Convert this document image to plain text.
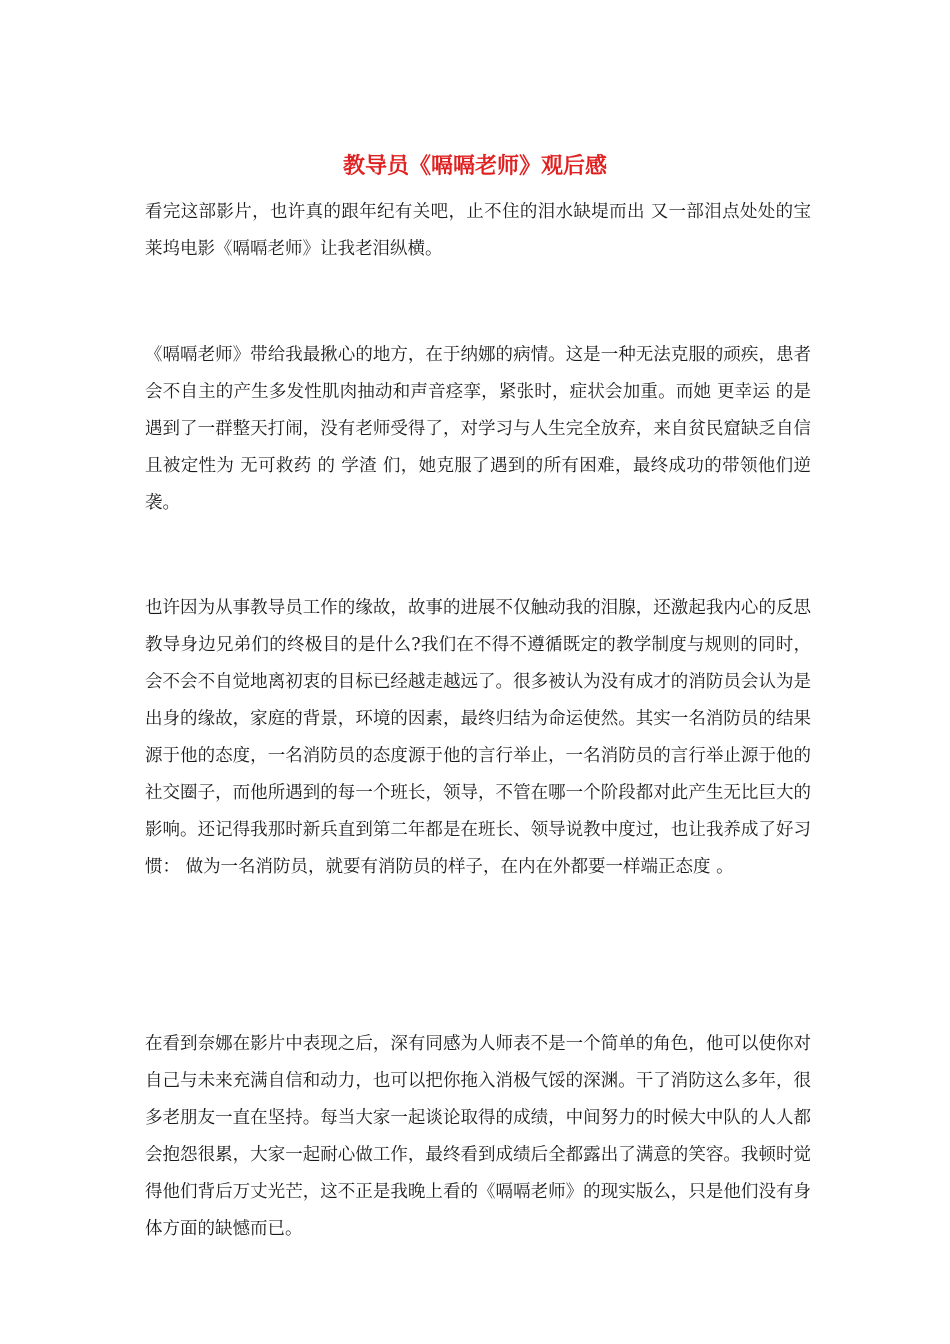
教导员《嗝嗝老师》观后感

看完这部影片，也许真的跟年纪有关吧，止不住的泪水缺堤而出 又一部泪点处处的宝莱坞电影《嗝嗝老师》让我老泪纵横。

《嗝嗝老师》带给我最揪心的地方，在于纳娜的病情。这是一种无法克服的顽疾，患者会不自主的产生多发性肌肉抽动和声音痉挛，紧张时，症状会加重。而她 更幸运 的是遇到了一群整天打闹，没有老师受得了，对学习与人生完全放弃，来自贫民窟缺乏自信且被定性为 无可救药 的 学渣 们，她克服了遇到的所有困难，最终成功的带领他们逆袭。

也许因为从事教导员工作的缘故，故事的进展不仅触动我的泪腺，还激起我内心的反思 教导身边兄弟们的终极目的是什么?我们在不得不遵循既定的教学制度与规则的同时，会不会不自觉地离初衷的目标已经越走越远了。很多被认为没有成才的消防员会认为是出身的缘故，家庭的背景，环境的因素，最终归结为命运使然。其实一名消防员的结果源于他的态度，一名消防员的态度源于他的言行举止，一名消防员的言行举止源于他的社交圈子，而他所遇到的每一个班长，领导，不管在哪一个阶段都对此产生无比巨大的影响。还记得我那时新兵直到第二年都是在班长、领导说教中度过，也让我养成了好习惯： 做为一名消防员，就要有消防员的样子，在内在外都要一样端正态度 。

在看到奈娜在影片中表现之后，深有同感为人师表不是一个简单的角色，他可以使你对自己与未来充满自信和动力，也可以把你拖入消极气馁的深渊。干了消防这么多年，很多老朋友一直在坚持。每当大家一起谈论取得的成绩，中间努力的时候大中队的人人都会抱怨很累，大家一起耐心做工作，最终看到成绩后全都露出了满意的笑容。我顿时觉得他们背后万丈光芒，这不正是我晚上看的《嗝嗝老师》的现实版么，只是他们没有身体方面的缺憾而已。
